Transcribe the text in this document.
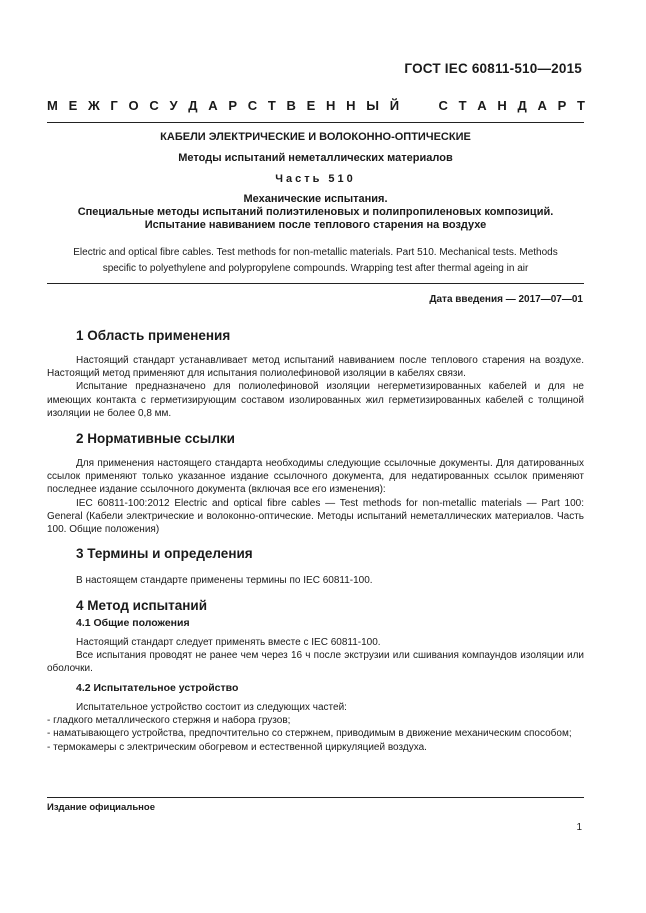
ГОСТ IEC 60811-510—2015
М Е Ж Г О С У Д А Р С Т В Е Н Н Ы Й

	С Т А Н Д А Р Т
КАБЕЛИ ЭЛЕКТРИЧЕСКИЕ И ВОЛОКОННО-ОПТИЧЕСКИЕ
Методы испытаний неметаллических материалов
Часть 510
Механические испытания.
Специальные методы испытаний полиэтиленовых и полипропиленовых композиций.
Испытание навиванием после теплового старения на воздухе
Electric and optical fibre cables. Test methods for non-metallic materials. Part 510. Mechanical tests. Methods
specific to polyethylene and polypropylene compounds. Wrapping test after thermal ageing in air
Дата введения — 2017—07—01
1 Область применения

Настоящий стандарт устанавливает метод испытаний навиванием после теплового старения на воздухе. Настоящий метод применяют для испытания полиолефиновой изоляции в кабелях связи.

Испытание предназначено для полиолефиновой изоляции негерметизированных кабелей и для не имеющих контакта с герметизирующим составом изолированных жил герметизированных кабелей с толщиной изоляции не более 0,8 мм.

2 Нормативные ссылки

Для применения настоящего стандарта необходимы следующие ссылочные документы. Для датированных ссылок применяют только указанное издание ссылочного документа, для недатированных ссылок применяют последнее издание ссылочного документа (включая все его изменения):

IEC 60811-100:2012 Electric and optical fibre cables — Test methods for non-metallic materials — Part 100: General (Кабели электрические и волоконно-оптические. Методы испытаний неметаллических материалов. Часть 100. Общие положения)

3 Термины и определения

В настоящем стандарте применены термины по IEC 60811-100.

4 Метод испытаний
4.1 Общие положения

Настоящий стандарт следует применять вместе с IEC 60811-100.

Все испытания проводят не ранее чем через 16 ч после экструзии или сшивания компаундов изоляции или оболочки.

4.2 Испытательное устройство

Испытательное устройство состоит из следующих частей:

- гладкого металлического стержня и набора грузов;

- наматывающего устройства, предпочтительно со стержнем, приводимым в движение механическим способом;

- термокамеры с электрическим обогревом и естественной циркуляцией воздуха.

Издание официальное
1
